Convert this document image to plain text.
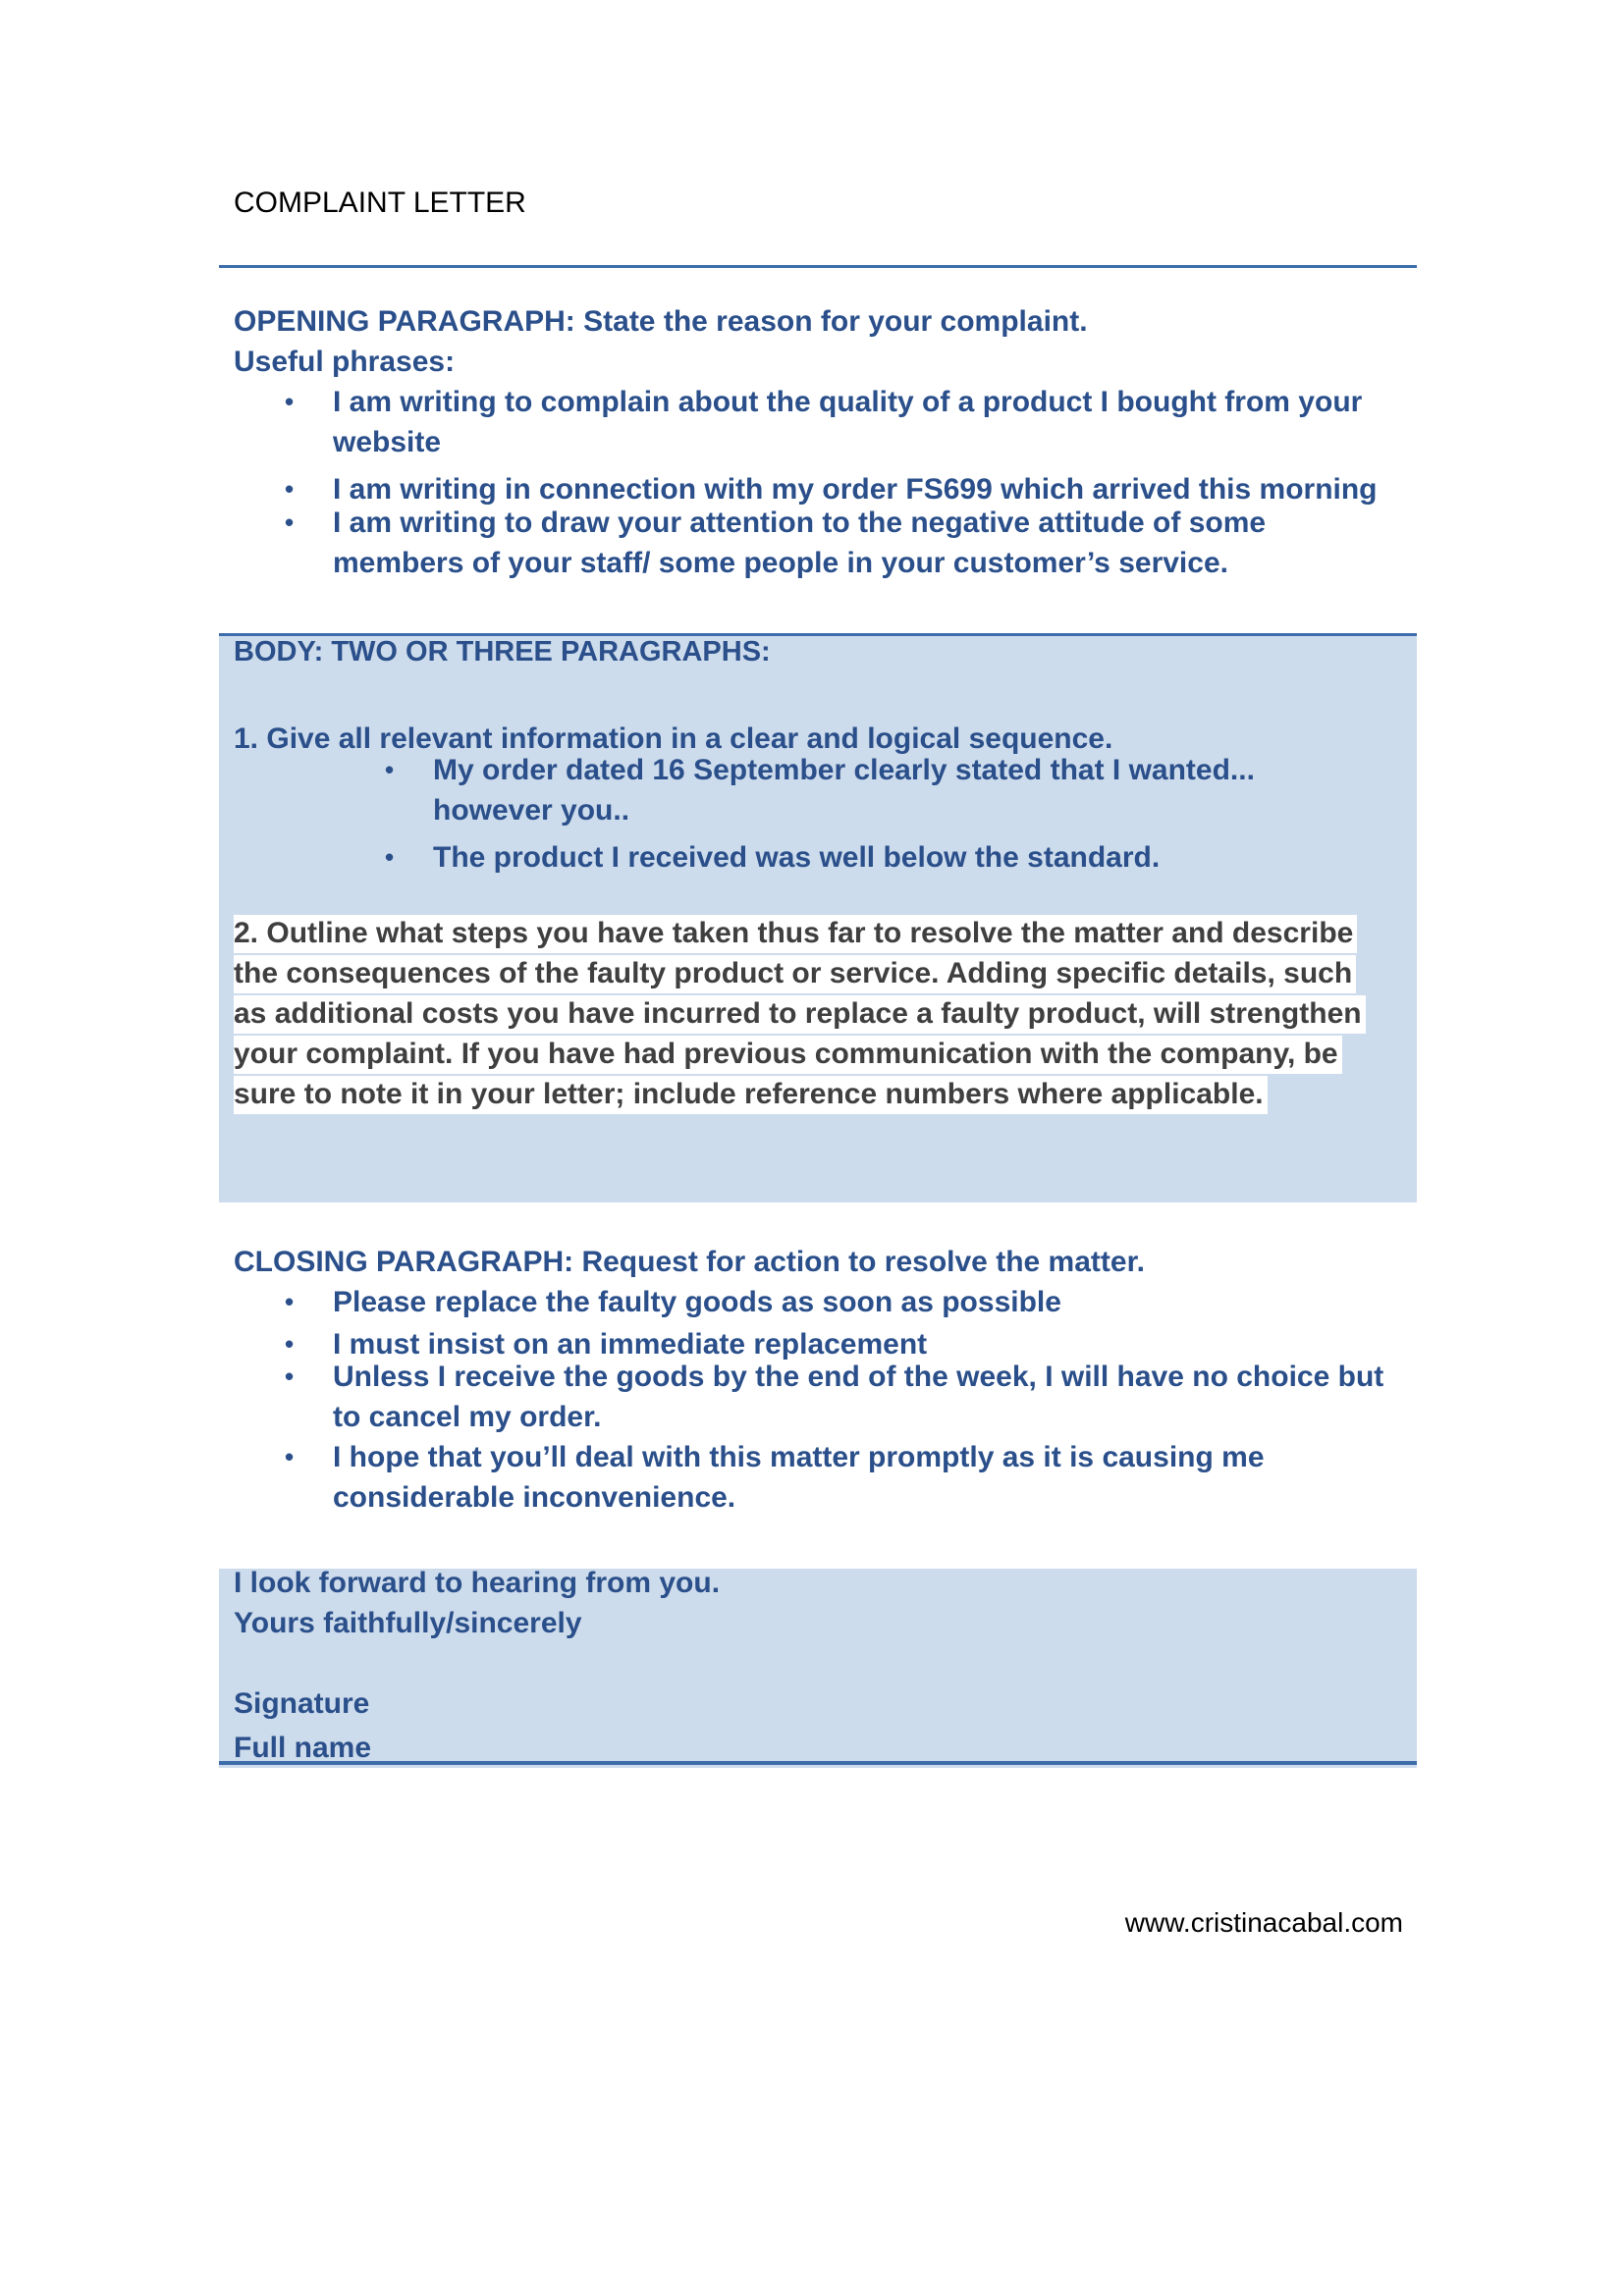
COMPLAINT LETTER

OPENING PARAGRAPH: State the reason for your complaint.

Useful phrases:

• I am writing to complain about the quality of a product I bought from your website
• I am writing in connection with my order FS699 which arrived this morning
• I am writing to draw your attention to the negative attitude of some members of your staff/ some people in your customer’s service.

BODY: TWO OR THREE PARAGRAPHS:

1. Give all relevant information in a clear and logical sequence.

• My order dated 16 September clearly stated that I wanted... however you..
• The product I received was well below the standard.
2. Outline what steps you have taken thus far to resolve the matter and describe the consequences of the faulty product or service. Adding specific details, such as additional costs you have incurred to replace a faulty product, will strengthen your complaint. If you have had previous communication with the company, be sure to note it in your letter; include reference numbers where applicable.

CLOSING PARAGRAPH: Request for action to resolve the matter.

• Please replace the faulty goods as soon as possible
• I must insist on an immediate replacement
• Unless I receive the goods by the end of the week, I will have no choice but to cancel my order.
• I hope that you’ll deal with this matter promptly as it is causing me considerable inconvenience.

I look forward to hearing from you.

Yours faithfully/sincerely

Signature

Full name

www.cristinacabal.com
